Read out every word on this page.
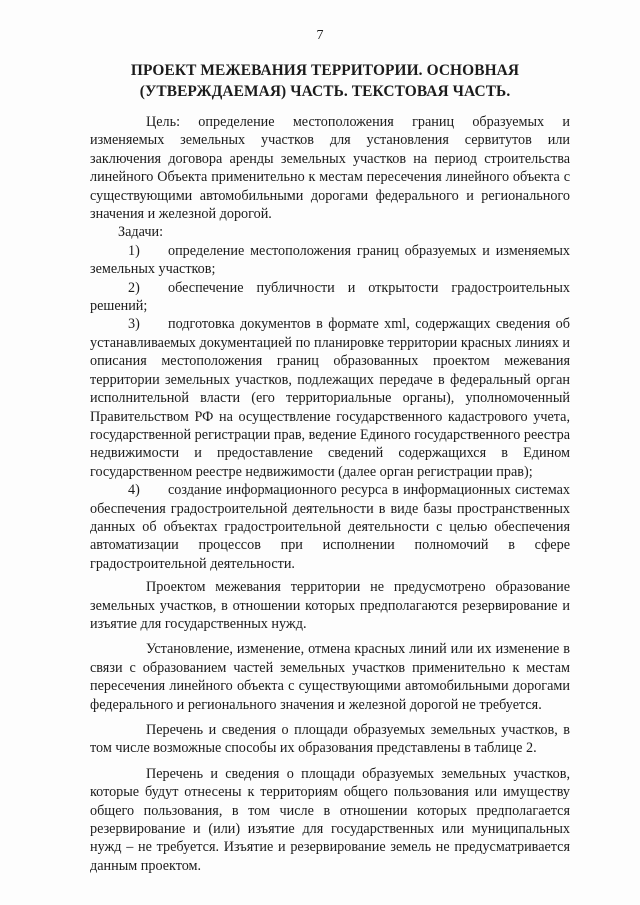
7
ПРОЕКТ МЕЖЕВАНИЯ ТЕРРИТОРИИ. ОСНОВНАЯ
(УТВЕРЖДАЕМАЯ) ЧАСТЬ. ТЕКСТОВАЯ ЧАСТЬ.

Цель: определение местоположения границ образуемых и изменяемых земельных участков для установления сервитутов или заключения договора аренды земельных участков на период строительства линейного Объекта применительно к местам пересечения линейного объекта с существующими автомобильными дорогами федерального и регионального значения и железной дорогой.

Задачи:

1) определение местоположения границ образуемых и изменяемых земельных участков;

2) обеспечение публичности и открытости градостроительных решений;

3) подготовка документов в формате xml, содержащих сведения об устанавливаемых документацией по планировке территории красных линиях и описания местоположения границ образованных проектом межевания территории земельных участков, подлежащих передаче в федеральный орган исполнительной власти (его территориальные органы), уполномоченный Правительством РФ на осуществление государственного кадастрового учета, государственной регистрации прав, ведение Единого государственного реестра недвижимости и предоставление сведений содержащихся в Едином государственном реестре недвижимости (далее орган регистрации прав);

4) создание информационного ресурса в информационных системах обеспечения градостроительной деятельности в виде базы пространственных данных об объектах градостроительной деятельности с целью обеспечения автоматизации процессов при исполнении полномочий в сфере градостроительной деятельности.

Проектом межевания территории не предусмотрено образование земельных участков, в отношении которых предполагаются резервирование и изъятие для государственных нужд.

Установление, изменение, отмена красных линий или их изменение в связи с образованием частей земельных участков применительно к местам пересечения линейного объекта с существующими автомобильными дорогами федерального и регионального значения и железной дорогой не требуется.

Перечень и сведения о площади образуемых земельных участков, в том числе возможные способы их образования представлены в таблице 2.

Перечень и сведения о площади образуемых земельных участков, которые будут отнесены к территориям общего пользования или имуществу общего пользования, в том числе в отношении которых предполагается резервирование и (или) изъятие для государственных или муниципальных нужд – не требуется. Изъятие и резервирование земель не предусматривается данным проектом.
